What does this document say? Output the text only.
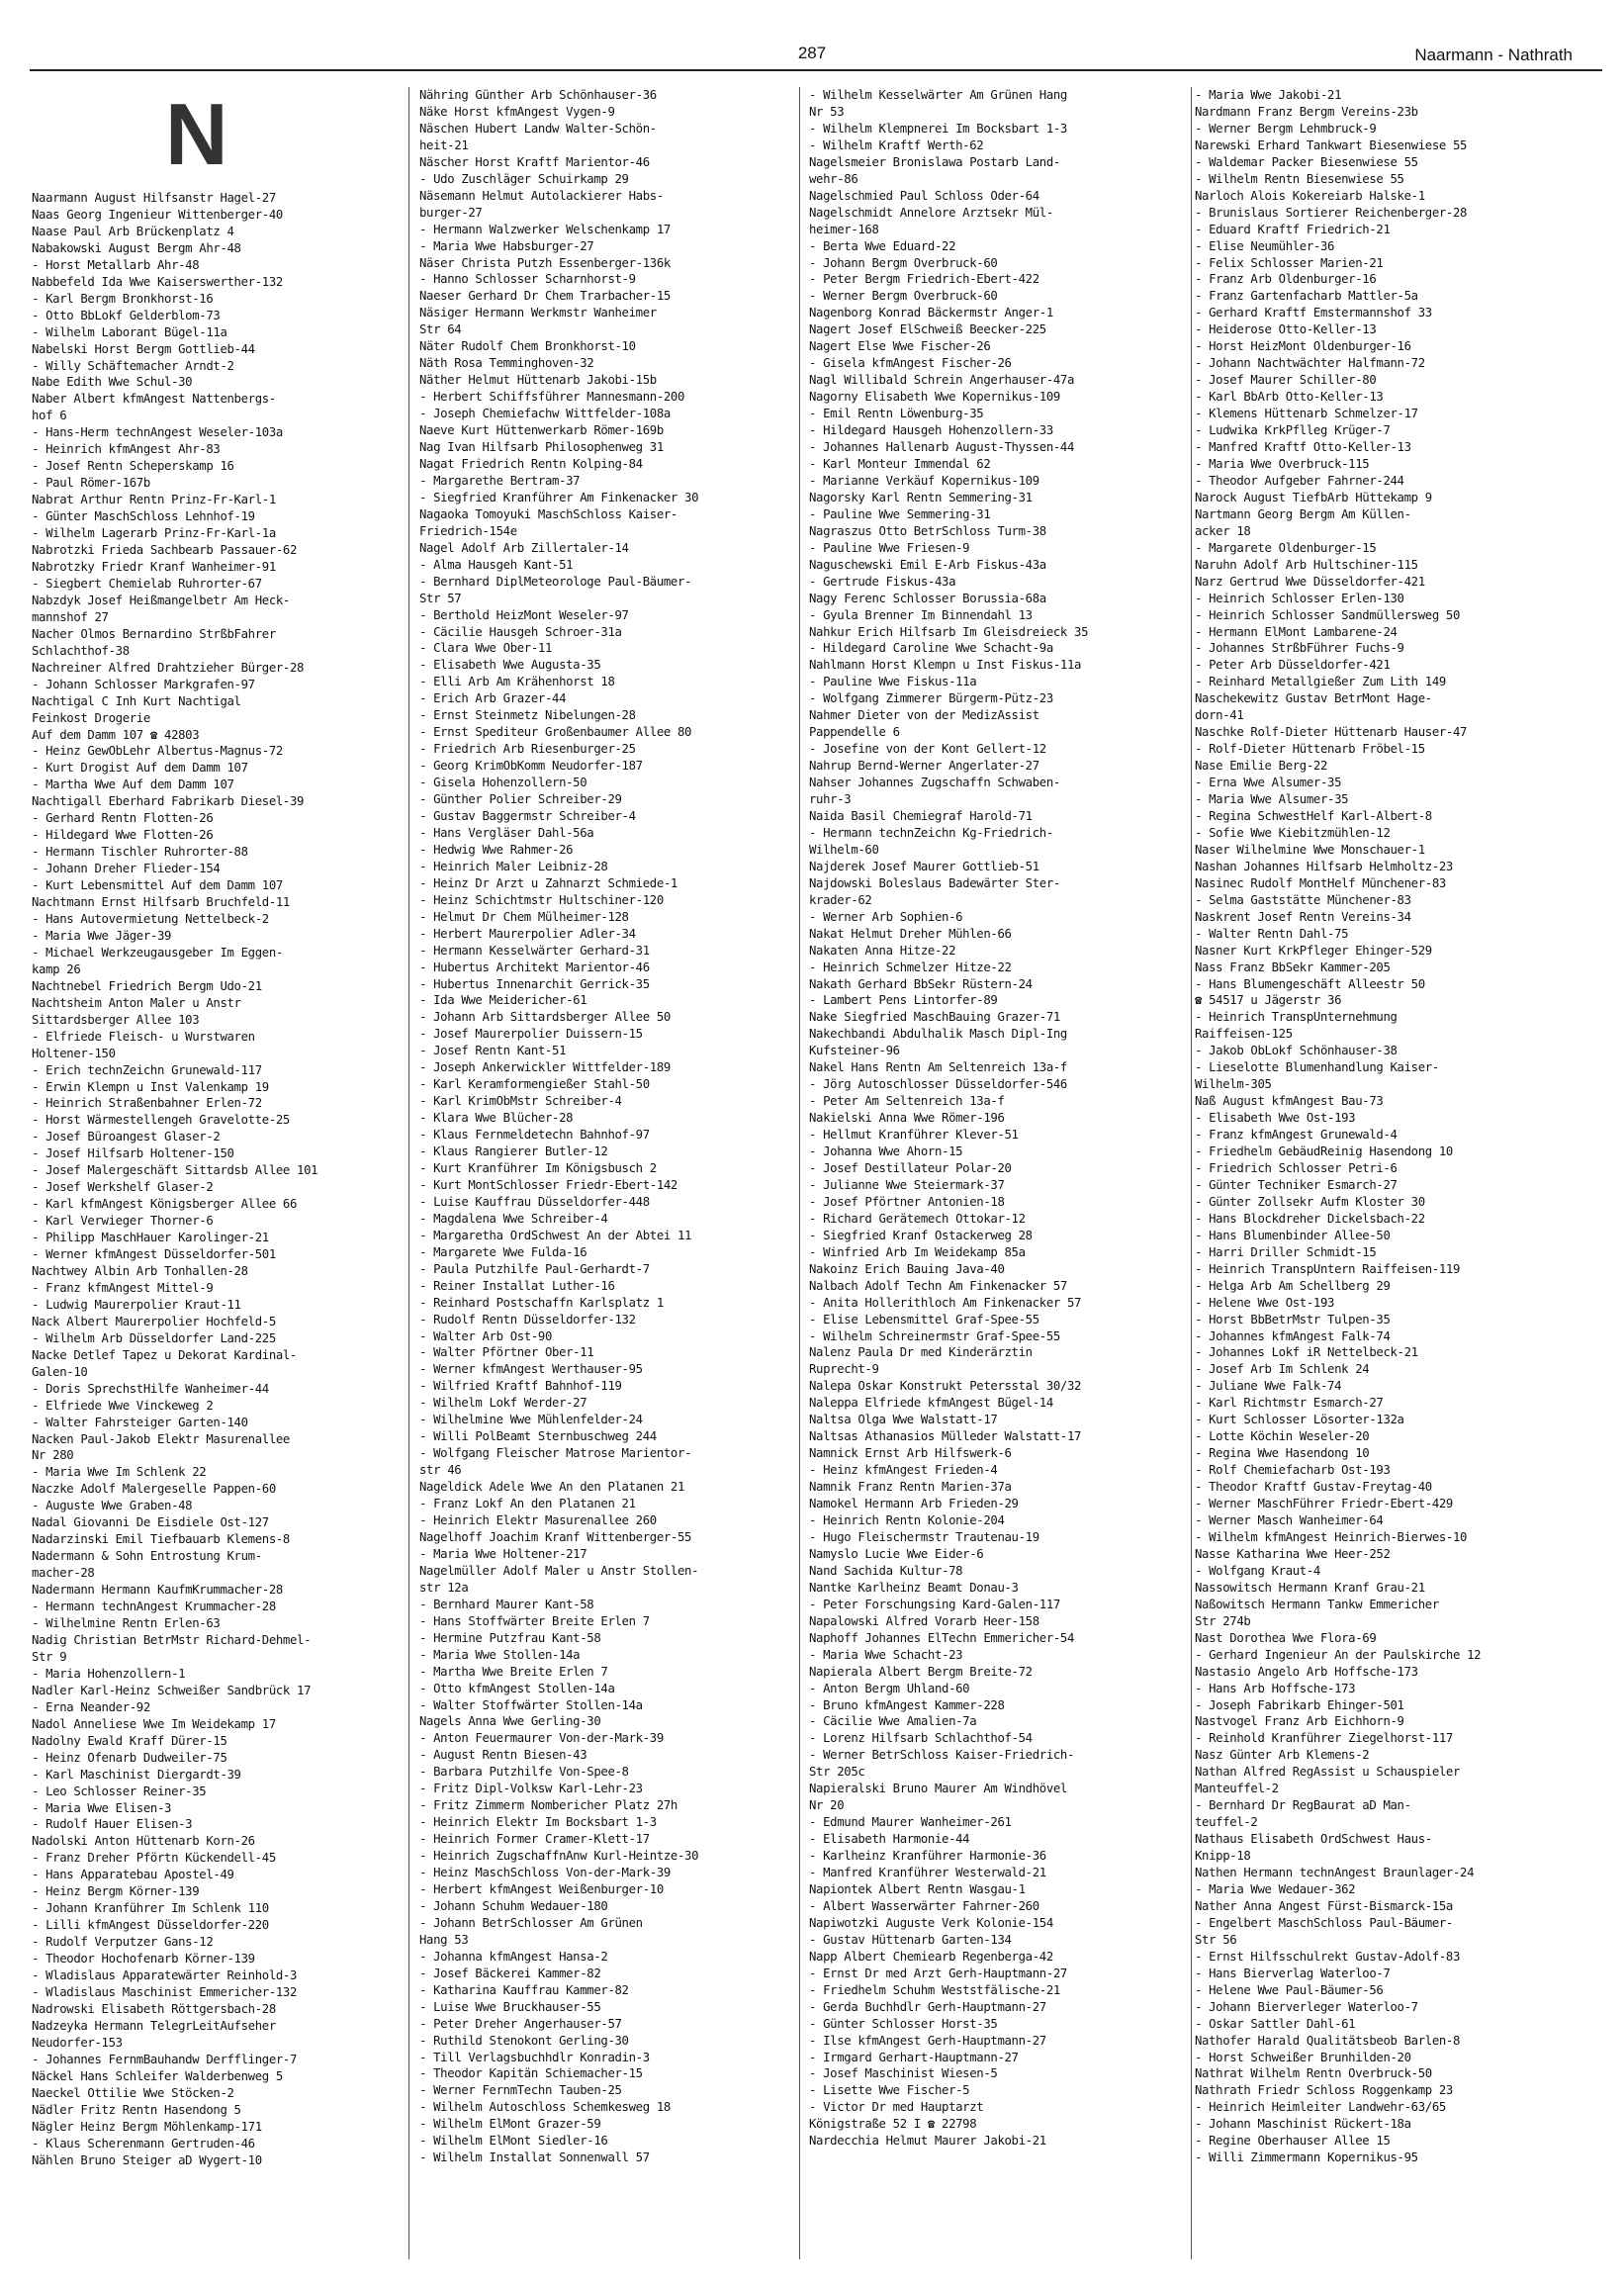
287	Naarmann - Nathrath
N
Naarmann August Hilfsanstr Hagel-27
Naas Georg Ingenieur Wittenberger-40
Naase Paul Arb Brückenplatz 4
Nabakowski August Bergm Ahr-48
- Horst Metallarb Ahr-48
Nabbefeld Ida Wwe Kaiserswerther-132
- Karl Bergm Bronkhorst-16
- Otto BbLokf Gelderblom-73
- Wilhelm Laborant Bügel-11a
Nabelski Horst Bergm Gottlieb-44
- Willy Schäftemacher Arndt-2
Nabe Edith Wwe Schul-30
Naber Albert kfmAngest Nattenbergs-
hof 6
- Hans-Herm technAngest Weseler-103a
- Heinrich kfmAngest Ahr-83
- Josef Rentn Scheperskamp 16
- Paul Römer-167b
Nabrat Arthur Rentn Prinz-Fr-Karl-1
- Günter MaschSchloss Lehnhof-19
- Wilhelm Lagerarb Prinz-Fr-Karl-1a
Nabrotzki Frieda Sachbearb Passauer-62
Nabrotzky Friedr Kranf Wanheimer-91
- Siegbert Chemielab Ruhrorter-67
Nabzdyk Josef Heißmangelbetr Am Heck-
mannshof 27
Nacher Olmos Bernardino StrßbFahrer
Schlachthof-38
Nachreiner Alfred Drahtzieher Bürger-28
- Johann Schlosser Markgrafen-97
Nachtigal C Inh Kurt Nachtigal
Feinkost Drogerie
Auf dem Damm 107 ☎ 42803
- Heinz GewObLehr Albertus-Magnus-72
- Kurt Drogist Auf dem Damm 107
- Martha Wwe Auf dem Damm 107
Nachtigall Eberhard Fabrikarb Diesel-39
- Gerhard Rentn Flotten-26
- Hildegard Wwe Flotten-26
- Hermann Tischler Ruhrorter-88
- Johann Dreher Flieder-154
- Kurt Lebensmittel Auf dem Damm 107
Nachtmann Ernst Hilfsarb Bruchfeld-11
- Hans Autovermietung Nettelbeck-2
- Maria Wwe Jäger-39
- Michael Werkzeugausgeber Im Eggen-
kamp 26
Nachtnebel Friedrich Bergm Udo-21
Nachtsheim Anton Maler u Anstr
Sittardsberger Allee 103
- Elfriede Fleisch- u Wurstwaren
Holtener-150
- Erich technZeichn Grunewald-117
- Erwin Klempn u Inst Valenkamp 19
- Heinrich Straßenbahner Erlen-72
- Horst Wärmestellengeh Gravelotte-25
- Josef Büroangest Glaser-2
- Josef Hilfsarb Holtener-150
- Josef Malergeschäft Sittardsb Allee 101
- Josef Werkshelf Glaser-2
- Karl kfmAngest Königsberger Allee 66
- Karl Verwieger Thorner-6
- Philipp MaschHauer Karolinger-21
- Werner kfmAngest Düsseldorfer-501
Nachtwey Albin Arb Tonhallen-28
- Franz kfmAngest Mittel-9
- Ludwig Maurerpolier Kraut-11
Nack Albert Maurerpolier Hochfeld-5
- Wilhelm Arb Düsseldorfer Land-225
Nacke Detlef Tapez u Dekorat Kardinal-
Galen-10
- Doris SprechstHilfe Wanheimer-44
- Elfriede Wwe Vinckeweg 2
- Walter Fahrsteiger Garten-140
Nacken Paul-Jakob Elektr Masurenallee
Nr 280
- Maria Wwe Im Schlenk 22
Naczke Adolf Malergeselle Pappen-60
- Auguste Wwe Graben-48
Nadal Giovanni De Eisdiele Ost-127
Nadarzinski Emil Tiefbauarb Klemens-8
Nadermann & Sohn Entrostung Krum-
macher-28
Nadermann Hermann KaufmKrummacher-28
- Hermann technAngest Krummacher-28
- Wilhelmine Rentn Erlen-63
Nadig Christian BetrMstr Richard-Dehmel-
Str 9
- Maria Hohenzollern-1
Nadler Karl-Heinz Schweißer Sandbrück 17
- Erna Neander-92
Nadol Anneliese Wwe Im Weidekamp 17
Nadolny Ewald Kraff Dürer-15
- Heinz Ofenarb Dudweiler-75
- Karl Maschinist Diergardt-39
- Leo Schlosser Reiner-35
- Maria Wwe Elisen-3
- Rudolf Hauer Elisen-3
Nadolski Anton Hüttenarb Korn-26
- Franz Dreher Pförtn Kückendell-45
- Hans Apparatebau Apostel-49
- Heinz Bergm Körner-139
- Johann Kranführer Im Schlenk 110
- Lilli kfmAngest Düsseldorfer-220
- Rudolf Verputzer Gans-12
- Theodor Hochofenarb Körner-139
- Wladislaus Apparatewärter Reinhold-3
- Wladislaus Maschinist Emmericher-132
Nadrowski Elisabeth Röttgersbach-28
Nadzeyka Hermann TelegrLeitAufseher
Neudorfer-153
- Johannes FernmBauhandw Derfflinger-7
Näckel Hans Schleifer Walderbenweg 5
Naeckel Ottilie Wwe Stöcken-2
Nädler Fritz Rentn Hasendong 5
Nägler Heinz Bergm Möhlenkamp-171
- Klaus Scherenmann Gertruden-46
Nählen Bruno Steiger aD Wygert-10
Nähring Günther Arb Schönhauser-36
Näke Horst kfmAngest Vygen-9
Näschen Hubert Landw Walter-Schön-
heit-21
Näscher Horst Kraftf Marientor-46
- Udo Zuschläger Schuirkamp 29
Näsemann Helmut Autolackierer Habs-
burger-27
- Hermann Walzwerker Welschenkamp 17
- Maria Wwe Habsburger-27
Näser Christa Putzh Essenberger-136k
- Hanno Schlosser Scharnhorst-9
Naeser Gerhard Dr Chem Trarbacher-15
Näsiger Hermann Werkmstr Wanheimer
Str 64
Näter Rudolf Chem Bronkhorst-10
Näth Rosa Temminghoven-32
Näther Helmut Hüttenarb Jakobi-15b
- Herbert Schiffsführer Mannesmann-200
- Joseph Chemiefachw Wittfelder-108a
Naeve Kurt Hüttenwerkarb Römer-169b
Nag Ivan Hilfsarb Philosophenweg 31
Nagat Friedrich Rentn Kolping-84
- Margarethe Bertram-37
- Siegfried Kranführer Am Finkenacker 30
Nagaoka Tomoyuki MaschSchloss Kaiser-
Friedrich-154e
Nagel Adolf Arb Zillertaler-14
- Alma Hausgeh Kant-51
- Bernhard DiplMeteorologe Paul-Bäumer-
Str 57
- Berthold HeizMont Weseler-97
- Cäcilie Hausgeh Schroer-31a
- Clara Wwe Ober-11
- Elisabeth Wwe Augusta-35
- Elli Arb Am Krähenhorst 18
- Erich Arb Grazer-44
- Ernst Steinmetz Nibelungen-28
- Ernst Spediteur Großenbaumer Allee 80
- Friedrich Arb Riesenburger-25
- Georg KrimObKomm Neudorfer-187
- Gisela Hohenzollern-50
- Günther Polier Schreiber-29
- Gustav Baggermstr Schreiber-4
- Hans Vergläser Dahl-56a
- Hedwig Wwe Rahmer-26
- Heinrich Maler Leibniz-28
- Heinz Dr Arzt u Zahnarzt Schmiede-1
- Heinz Schichtmstr Hultschiner-120
- Helmut Dr Chem Mülheimer-128
- Herbert Maurerpolier Adler-34
- Hermann Kesselwärter Gerhard-31
- Hubertus Architekt Marientor-46
- Hubertus Innenarchit Gerrick-35
- Ida Wwe Meidericher-61
- Johann Arb Sittardsberger Allee 50
- Josef Maurerpolier Duissern-15
- Josef Rentn Kant-51
- Joseph Ankerwickler Wittfelder-189
- Karl Keramformengießer Stahl-50
- Karl KrimObMstr Schreiber-4
- Klara Wwe Blücher-28
- Klaus Fernmeldetechn Bahnhof-97
- Klaus Rangierer Butler-12
- Kurt Kranführer Im Königsbusch 2
- Kurt MontSchlosser Friedr-Ebert-142
- Luise Kauffrau Düsseldorfer-448
- Magdalena Wwe Schreiber-4
- Margaretha OrdSchwest An der Abtei 11
- Margarete Wwe Fulda-16
- Paula Putzhilfe Paul-Gerhardt-7
- Reiner Installat Luther-16
- Reinhard Postschaffn Karlsplatz 1
- Rudolf Rentn Düsseldorfer-132
- Walter Arb Ost-90
- Walter Pförtner Ober-11
- Werner kfmAngest Werthauser-95
- Wilfried Kraftf Bahnhof-119
- Wilhelm Lokf Werder-27
- Wilhelmine Wwe Mühlenfelder-24
- Willi PolBeamt Sternbuschweg 244
- Wolfgang Fleischer Matrose Marientor-
str 46
Nageldick Adele Wwe An den Platanen 21
- Franz Lokf An den Platanen 21
- Heinrich Elektr Masurenallee 260
Nagelhoff Joachim Kranf Wittenberger-55
- Maria Wwe Holtener-217
Nagelmüller Adolf Maler u Anstr Stollen-
str 12a
- Bernhard Maurer Kant-58
- Hans Stoffwärter Breite Erlen 7
- Hermine Putzfrau Kant-58
- Maria Wwe Stollen-14a
- Martha Wwe Breite Erlen 7
- Otto kfmAngest Stollen-14a
- Walter Stoffwärter Stollen-14a
Nagels Anna Wwe Gerling-30
- Anton Feuermaurer Von-der-Mark-39
- August Rentn Biesen-43
- Barbara Putzhilfe Von-Spee-8
- Fritz Dipl-Volksw Karl-Lehr-23
- Fritz Zimmerm Nombericher Platz 27h
- Heinrich Elektr Im Bocksbart 1-3
- Heinrich Former Cramer-Klett-17
- Heinrich ZugschaffnAnw Kurl-Heintze-30
- Heinz MaschSchloss Von-der-Mark-39
- Herbert kfmAngest Weißenburger-10
- Johann Schuhm Wedauer-180
- Johann BetrSchlosser Am Grünen
Hang 53
- Johanna kfmAngest Hansa-2
- Josef Bäckerei Kammer-82
- Katharina Kauffrau Kammer-82
- Luise Wwe Bruckhauser-55
- Peter Dreher Angerhauser-57
- Ruthild Stenokont Gerling-30
- Till Verlagsbuchhdlr Konradin-3
- Theodor Kapitän Schiemacher-15
- Werner FernmTechn Tauben-25
- Wilhelm Autoschloss Schemkesweg 18
- Wilhelm ElMont Grazer-59
- Wilhelm ElMont Siedler-16
- Wilhelm Installat Sonnenwall 57
- Wilhelm Kesselwärter Am Grünen Hang
Nr 53
- Wilhelm Klempnerei Im Bocksbart 1-3
- Wilhelm Kraftf Werth-62
Nagelsmeier Bronislawa Postarb Land-
wehr-86
Nagelschmied Paul Schloss Oder-64
Nagelschmidt Annelore Arztsekr Mül-
heimer-168
- Berta Wwe Eduard-22
- Johann Bergm Overbruck-60
- Peter Bergm Friedrich-Ebert-422
- Werner Bergm Overbruck-60
Nagenborg Konrad Bäckermstr Anger-1
Nagert Josef ElSchweiß Beecker-225
Nagert Else Wwe Fischer-26
- Gisela kfmAngest Fischer-26
Nagl Willibald Schrein Angerhauser-47a
Nagorny Elisabeth Wwe Kopernikus-109
- Emil Rentn Löwenburg-35
- Hildegard Hausgeh Hohenzollern-33
- Johannes Hallenarb August-Thyssen-44
- Karl Monteur Immendal 62
- Marianne Verkäuf Kopernikus-109
Nagorsky Karl Rentn Semmering-31
- Pauline Wwe Semmering-31
Nagraszus Otto BetrSchloss Turm-38
- Pauline Wwe Friesen-9
Naguschewski Emil E-Arb Fiskus-43a
- Gertrude Fiskus-43a
Nagy Ferenc Schlosser Borussia-68a
- Gyula Brenner Im Binnendahl 13
Nahkur Erich Hilfsarb Im Gleisdreieck 35
- Hildegard Caroline Wwe Schacht-9a
Nahlmann Horst Klempn u Inst Fiskus-11a
- Pauline Wwe Fiskus-11a
- Wolfgang Zimmerer Bürgerm-Pütz-23
Nahmer Dieter von der MedizAssist
Pappendelle 6
- Josefine von der Kont Gellert-12
Nahrup Bernd-Werner Angerlater-27
Nahser Johannes Zugschaffn Schwaben-
ruhr-3
Naida Basil Chemiegraf Harold-71
- Hermann technZeichn Kg-Friedrich-
Wilhelm-60
Najderek Josef Maurer Gottlieb-51
Najdowski Boleslaus Badewärter Ster-
krader-62
- Werner Arb Sophien-6
Nakat Helmut Dreher Mühlen-66
Nakaten Anna Hitze-22
- Heinrich Schmelzer Hitze-22
Nakath Gerhard BbSekr Rüstern-24
- Lambert Pens Lintorfer-89
Nake Siegfried MaschBauing Grazer-71
Nakechbandi Abdulhalik Masch Dipl-Ing
Kufsteiner-96
Nakel Hans Rentn Am Seltenreich 13a-f
- Jörg Autoschlosser Düsseldorfer-546
- Peter Am Seltenreich 13a-f
Nakielski Anna Wwe Römer-196
- Hellmut Kranführer Klever-51
- Johanna Wwe Ahorn-15
- Josef Destillateur Polar-20
- Julianne Wwe Steiermark-37
- Josef Pförtner Antonien-18
- Richard Gerätemech Ottokar-12
- Siegfried Kranf Ostackerweg 28
- Winfried Arb Im Weidekamp 85a
Nakoinz Erich Bauing Java-40
Nalbach Adolf Techn Am Finkenacker 57
- Anita Hollerithloch Am Finkenacker 57
- Elise Lebensmittel Graf-Spee-55
- Wilhelm Schreinermstr Graf-Spee-55
Nalenz Paula Dr med Kinderärztin
Ruprecht-9
Nalepa Oskar Konstrukt Petersstal 30/32
Naleppa Elfriede kfmAngest Bügel-14
Naltsa Olga Wwe Walstatt-17
Naltsas Athanasios Mülleder Walstatt-17
Namnick Ernst Arb Hilfswerk-6
- Heinz kfmAngest Frieden-4
Namnik Franz Rentn Marien-37a
Namokel Hermann Arb Frieden-29
- Heinrich Rentn Kolonie-204
- Hugo Fleischermstr Trautenau-19
Namyslo Lucie Wwe Eider-6
Nand Sachida Kultur-78
Nantke Karlheinz Beamt Donau-3
- Peter Forschungsing Kard-Galen-117
Napalowski Alfred Vorarb Heer-158
Naphoff Johannes ElTechn Emmericher-54
- Maria Wwe Schacht-23
Napierala Albert Bergm Breite-72
- Anton Bergm Uhland-60
- Bruno kfmAngest Kammer-228
- Cäcilie Wwe Amalien-7a
- Lorenz Hilfsarb Schlachthof-54
- Werner BetrSchloss Kaiser-Friedrich-
Str 205c
Napieralski Bruno Maurer Am Windhövel
Nr 20
- Edmund Maurer Wanheimer-261
- Elisabeth Harmonie-44
- Karlheinz Kranführer Harmonie-36
- Manfred Kranführer Westerwald-21
Napiontek Albert Rentn Wasgau-1
- Albert Wasserwärter Fahrner-260
Napiwotzki Auguste Verk Kolonie-154
- Gustav Hüttenarb Garten-134
Napp Albert Chemiearb Regenberga-42
- Ernst Dr med Arzt Gerh-Hauptmann-27
- Friedhelm Schuhm Weststfälische-21
- Gerda Buchhdlr Gerh-Hauptmann-27
- Günter Schlosser Horst-35
- Ilse kfmAngest Gerh-Hauptmann-27
- Irmgard Gerhart-Hauptmann-27
- Josef Maschinist Wiesen-5
- Lisette Wwe Fischer-5
- Victor Dr med Hauptarzt
Königstraße 52 I ☎ 22798
Nardecchia Helmut Maurer Jakobi-21
- Maria Wwe Jakobi-21
Nardmann Franz Bergm Vereins-23b
- Werner Bergm Lehmbruck-9
Narewski Erhard Tankwart Biesenwiese 55
- Waldemar Packer Biesenwiese 55
- Wilhelm Rentn Biesenwiese 55
Narloch Alois Kokereiarb Halske-1
- Brunislaus Sortierer Reichenberger-28
- Eduard Kraftf Friedrich-21
- Elise Neumühler-36
- Felix Schlosser Marien-21
- Franz Arb Oldenburger-16
- Franz Gartenfacharb Mattler-5a
- Gerhard Kraftf Emstermannshof 33
- Heiderose Otto-Keller-13
- Horst HeizMont Oldenburger-16
- Johann Nachtwächter Halfmann-72
- Josef Maurer Schiller-80
- Karl BbArb Otto-Keller-13
- Klemens Hüttenarb Schmelzer-17
- Ludwika KrkPflleg Krüger-7
- Manfred Kraftf Otto-Keller-13
- Maria Wwe Overbruck-115
- Theodor Aufgeber Fahrner-244
Narock August TiefbArb Hüttekamp 9
Nartmann Georg Bergm Am Küllen-
acker 18
- Margarete Oldenburger-15
Naruhn Adolf Arb Hultschiner-115
Narz Gertrud Wwe Düsseldorfer-421
- Heinrich Schlosser Erlen-130
- Heinrich Schlosser Sandmüllersweg 50
- Hermann ElMont Lambarene-24
- Johannes StrßbFührer Fuchs-9
- Peter Arb Düsseldorfer-421
- Reinhard Metallgießer Zum Lith 149
Naschekewitz Gustav BetrMont Hage-
dorn-41
Naschke Rolf-Dieter Hüttenarb Hauser-47
- Rolf-Dieter Hüttenarb Fröbel-15
Nase Emilie Berg-22
- Erna Wwe Alsumer-35
- Maria Wwe Alsumer-35
- Regina SchwestHelf Karl-Albert-8
- Sofie Wwe Kiebitzmühlen-12
Naser Wilhelmine Wwe Monschauer-1
Nashan Johannes Hilfsarb Helmholtz-23
Nasinec Rudolf MontHelf Münchener-83
- Selma Gaststätte Münchener-83
Naskrent Josef Rentn Vereins-34
- Walter Rentn Dahl-75
Nasner Kurt KrkPfleger Ehinger-529
Nass Franz BbSekr Kammer-205
- Hans Blumengeschäft Alleestr 50
☎ 54517 u Jägerstr 36
- Heinrich TranspUnternehmung
Raiffeisen-125
- Jakob ObLokf Schönhauser-38
- Lieselotte Blumenhandlung Kaiser-
Wilhelm-305
Naß August kfmAngest Bau-73
- Elisabeth Wwe Ost-193
- Franz kfmAngest Grunewald-4
- Friedhelm GebäudReinig Hasendong 10
- Friedrich Schlosser Petri-6
- Günter Techniker Esmarch-27
- Günter Zollsekr Aufm Kloster 30
- Hans Blockdreher Dickelsbach-22
- Hans Blumenbinder Allee-50
- Harri Driller Schmidt-15
- Heinrich TranspUntern Raiffeisen-119
- Helga Arb Am Schellberg 29
- Helene Wwe Ost-193
- Horst BbBetrMstr Tulpen-35
- Johannes kfmAngest Falk-74
- Johannes Lokf iR Nettelbeck-21
- Josef Arb Im Schlenk 24
- Juliane Wwe Falk-74
- Karl Richtmstr Esmarch-27
- Kurt Schlosser Lösorter-132a
- Lotte Köchin Weseler-20
- Regina Wwe Hasendong 10
- Rolf Chemiefacharb Ost-193
- Theodor Kraftf Gustav-Freytag-40
- Werner MaschFührer Friedr-Ebert-429
- Werner Masch Wanheimer-64
- Wilhelm kfmAngest Heinrich-Bierwes-10
Nasse Katharina Wwe Heer-252
- Wolfgang Kraut-4
Nassowitsch Hermann Kranf Grau-21
Naßowitsch Hermann Tankw Emmericher
Str 274b
Nast Dorothea Wwe Flora-69
- Gerhard Ingenieur An der Paulskirche 12
Nastasio Angelo Arb Hoffsche-173
- Hans Arb Hoffsche-173
- Joseph Fabrikarb Ehinger-501
Nastvogel Franz Arb Eichhorn-9
- Reinhold Kranführer Ziegelhorst-117
Nasz Günter Arb Klemens-2
Nathan Alfred RegAssist u Schauspieler
Manteuffel-2
- Bernhard Dr RegBaurat aD Man-
teuffel-2
Nathaus Elisabeth OrdSchwest Haus-
Knipp-18
Nathen Hermann technAngest Braunlager-24
- Maria Wwe Wedauer-362
Nather Anna Angest Fürst-Bismarck-15a
- Engelbert MaschSchloss Paul-Bäumer-
Str 56
- Ernst Hilfsschulrekt Gustav-Adolf-83
- Hans Bierverlag Waterloo-7
- Helene Wwe Paul-Bäumer-56
- Johann Bierverleger Waterloo-7
- Oskar Sattler Dahl-61
Nathofer Harald Qualitätsbeob Barlen-8
- Horst Schweißer Brunhilden-20
Nathrat Wilhelm Rentn Overbruck-50
Nathrath Friedr Schloss Roggenkamp 23
- Heinrich Heimleiter Landwehr-63/65
- Johann Maschinist Rückert-18a
- Regine Oberhauser Allee 15
- Willi Zimmermann Kopernikus-95
